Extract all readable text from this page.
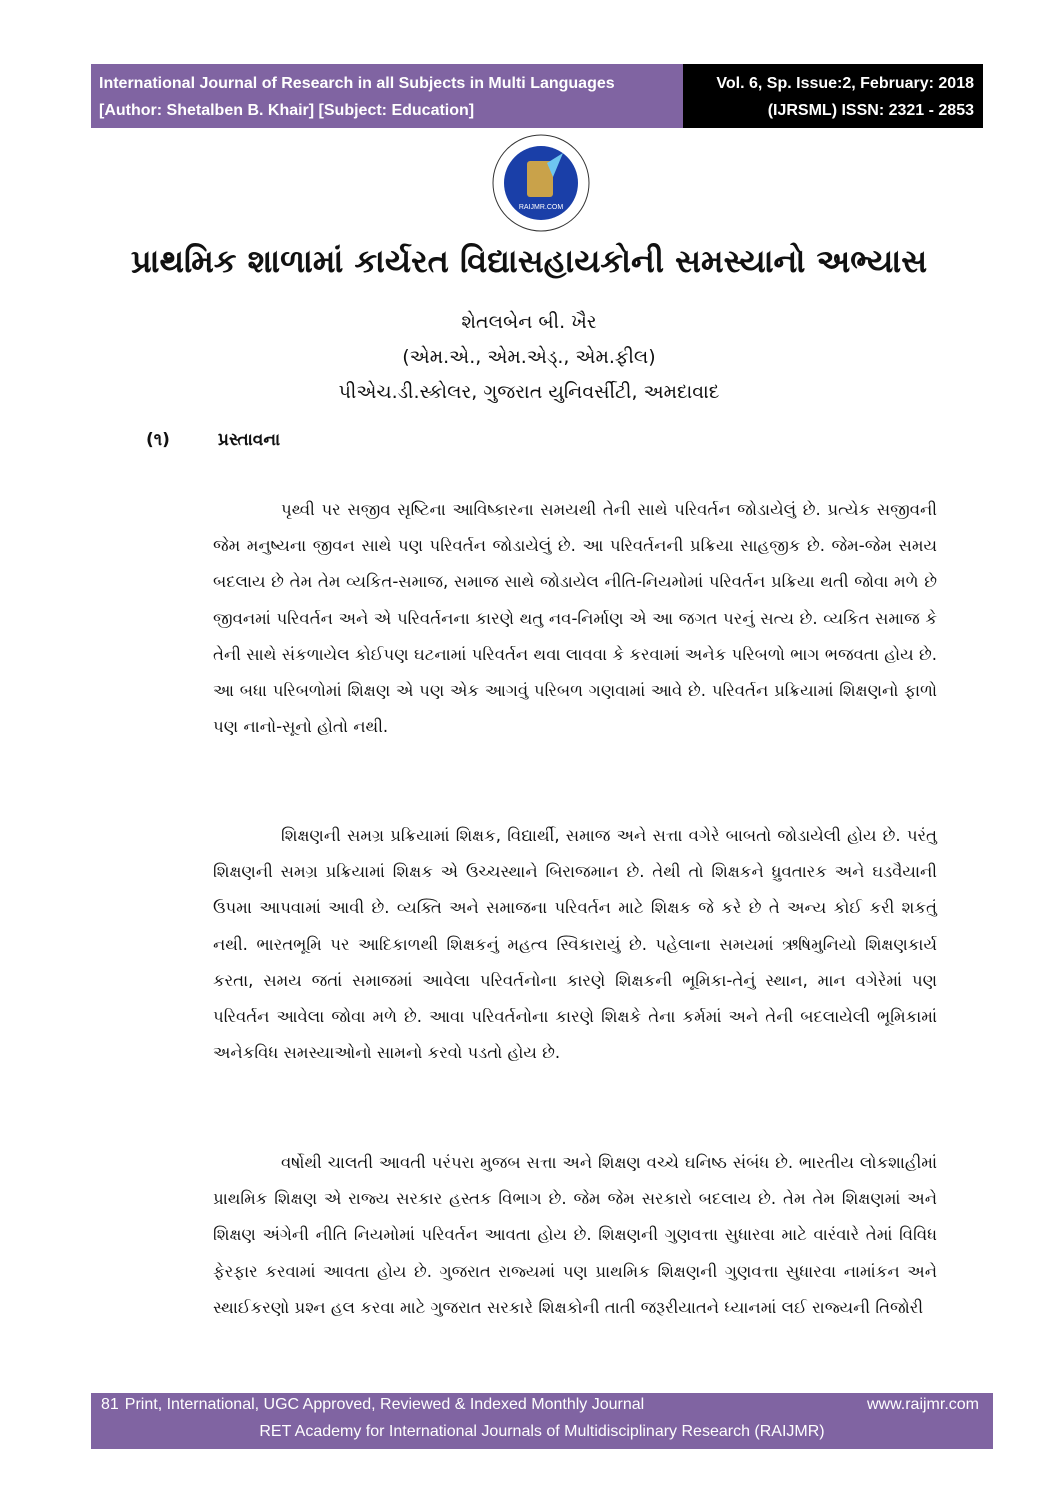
International Journal of Research in all Subjects in Multi Languages
[Author: Shetalben B. Khair] [Subject: Education]
Vol. 6, Sp. Issue:2, February: 2018
(IJRSML) ISSN: 2321 - 2853
RAIJMR.COM
પ્રાથમિક શાળામાં કાર્યરત વિદ્યાસહાયકોની સમસ્યાનો અભ્યાસ
શેતલબેન બી. ખૈર
(એમ.એ., એમ.એડ્., એમ.ફીલ)
પીએચ.ડી.સ્કોલર, ગુજરાત યુનિવર્સીટી, અમદાવાદ
(૧)	પ્રસ્તાવના

પૃથ્વી પર સજીવ સૃષ્ટિના આવિષ્કારના સમયથી તેની સાથે પરિવર્તન જોડાયેલું છે. પ્રત્યેક સજીવની જેમ મનુષ્યના જીવન સાથે પણ પરિવર્તન જોડાયેલું છે. આ પરિવર્તનની પ્રક્રિયા સાહજીક છે. જેમ-જેમ સમય બદલાય છે તેમ તેમ વ્યકિત-સમાજ, સમાજ સાથે જોડાયેલ નીતિ-નિયમોમાં પરિવર્તન પ્રક્રિયા થતી જોવા મળે છે જીવનમાં પરિવર્તન અને એ પરિવર્તનના કારણે થતુ નવ-નિર્માણ એ આ જગત પરનું સત્ય છે. વ્યકિત સમાજ કે તેની સાથે સંકળાયેલ કોઈપણ ઘટનામાં પરિવર્તન થવા લાવવા કે કરવામાં અનેક પરિબળો ભાગ ભજવતા હોય છે. આ બધા પરિબળોમાં શિક્ષણ એ પણ એક આગવું પરિબળ ગણવામાં આવે છે. પરિવર્તન પ્રક્રિયામાં શિક્ષણનો ફાળો પણ નાનો-સૂનો હોતો નથી.

શિક્ષણની સમગ્ર પ્રક્રિયામાં શિક્ષક, વિદ્યાર્થી, સમાજ અને સત્તા વગેરે બાબતો જોડાયેલી હોય છે. પરંતુ શિક્ષણની સમગ્ર પ્રક્રિયામાં શિક્ષક એ ઉચ્ચસ્થાને બિરાજમાન છે. તેથી તો શિક્ષકને ધ્રુવતારક અને ઘડવૈયાની ઉપમા આપવામાં આવી છે. વ્યક્તિ અને સમાજના પરિવર્તન માટે શિક્ષક જે કરે છે તે અન્ય કોઈ કરી શકતું નથી. ભારતભૂમિ પર આદિકાળથી શિક્ષકનું મહત્વ સ્વિકારાયું છે. પહેલાના સમયમાં ઋષિમુનિયો શિક્ષણકાર્ય કરતા, સમય જતાં સમાજમાં આવેલા પરિવર્તનોના કારણે શિક્ષકની ભૂમિકા-તેનું સ્થાન, માન વગેરેમાં પણ પરિવર્તન આવેલા જોવા મળે છે. આવા પરિવર્તનોના કારણે શિક્ષકે તેના કર્મમાં અને તેની બદલાયેલી ભૂમિકામાં અનેકવિધ સમસ્યાઓનો સામનો કરવો પડતો હોય છે.

વર્ષોથી ચાલતી આવતી પરંપરા મુજબ સત્તા અને શિક્ષણ વચ્ચે ઘનિષ્ઠ સંબંધ છે. ભારતીય લોકશાહીમાં પ્રાથમિક શિક્ષણ એ રાજ્ય સરકાર હસ્તક વિભાગ છે. જેમ જેમ સરકારો બદલાય છે. તેમ તેમ શિક્ષણમાં અને શિક્ષણ અંગેની નીતિ નિયમોમાં પરિવર્તન આવતા હોય છે. શિક્ષણની ગુણવત્તા સુધારવા માટે વારંવારે તેમાં વિવિધ ફેરફાર કરવામાં આવતા હોય છે. ગુજરાત રાજ્યમાં પણ પ્રાથમિક શિક્ષણની ગુણવત્તા સુધારવા નામાંકન અને સ્થાઈકરણો પ્રશ્ન હલ કરવા માટે ગુજરાત સરકારે શિક્ષકોની તાતી જરૂરીયાતને ધ્યાનમાં લઈ રાજ્યની તિજોરી

81 Print, International, UGC Approved, Reviewed & Indexed Monthly Journal	www.raijmr.com
RET Academy for International Journals of Multidisciplinary Research (RAIJMR)
